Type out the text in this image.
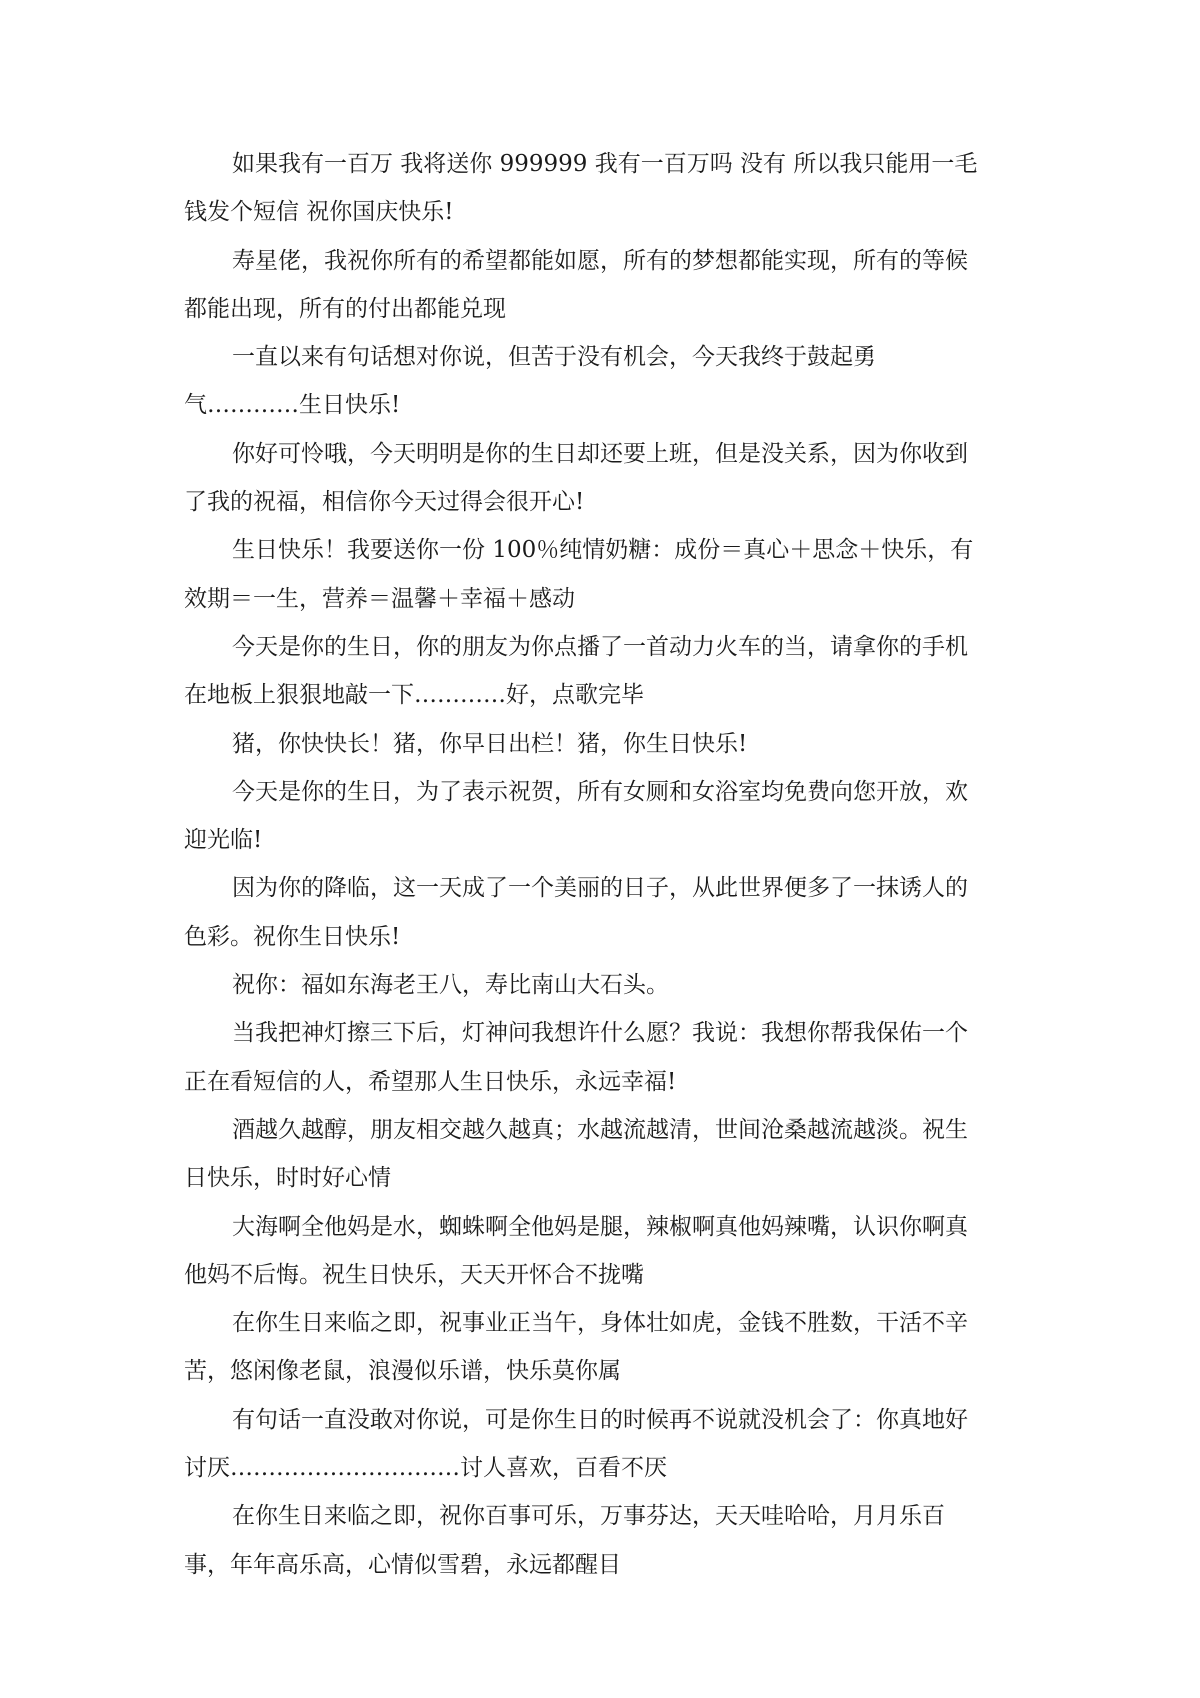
如果我有一百万 我将送你 999999 我有一百万吗 没有 所以我只能用一毛
钱发个短信 祝你国庆快乐!

寿星佬，我祝你所有的希望都能如愿，所有的梦想都能实现，所有的等候
都能出现，所有的付出都能兑现

一直以来有句话想对你说，但苦于没有机会，今天我终于鼓起勇
气…………生日快乐!

你好可怜哦，今天明明是你的生日却还要上班，但是没关系，因为你收到
了我的祝福，相信你今天过得会很开心!

生日快乐！我要送你一份 100％纯情奶糖：成份＝真心＋思念＋快乐，有
效期＝一生，营养＝温馨＋幸福＋感动

今天是你的生日，你的朋友为你点播了一首动力火车的当，请拿你的手机
在地板上狠狠地敲一下…………好，点歌完毕

猪，你快快长！猪，你早日出栏！猪，你生日快乐!

今天是你的生日，为了表示祝贺，所有女厕和女浴室均免费向您开放，欢
迎光临!

因为你的降临，这一天成了一个美丽的日子，从此世界便多了一抹诱人的
色彩。祝你生日快乐!

祝你：福如东海老王八，寿比南山大石头。

当我把神灯擦三下后，灯神问我想许什么愿？我说：我想你帮我保佑一个
正在看短信的人，希望那人生日快乐，永远幸福!

酒越久越醇，朋友相交越久越真；水越流越清，世间沧桑越流越淡。祝生
日快乐，时时好心情

大海啊全他妈是水，蜘蛛啊全他妈是腿，辣椒啊真他妈辣嘴，认识你啊真
他妈不后悔。祝生日快乐，天天开怀合不拢嘴

在你生日来临之即，祝事业正当午，身体壮如虎，金钱不胜数，干活不辛
苦，悠闲像老鼠，浪漫似乐谱，快乐莫你属

有句话一直没敢对你说，可是你生日的时候再不说就没机会了：你真地好
讨厌…………………………讨人喜欢，百看不厌

在你生日来临之即，祝你百事可乐，万事芬达，天天哇哈哈，月月乐百
事，年年高乐高，心情似雪碧，永远都醒目
